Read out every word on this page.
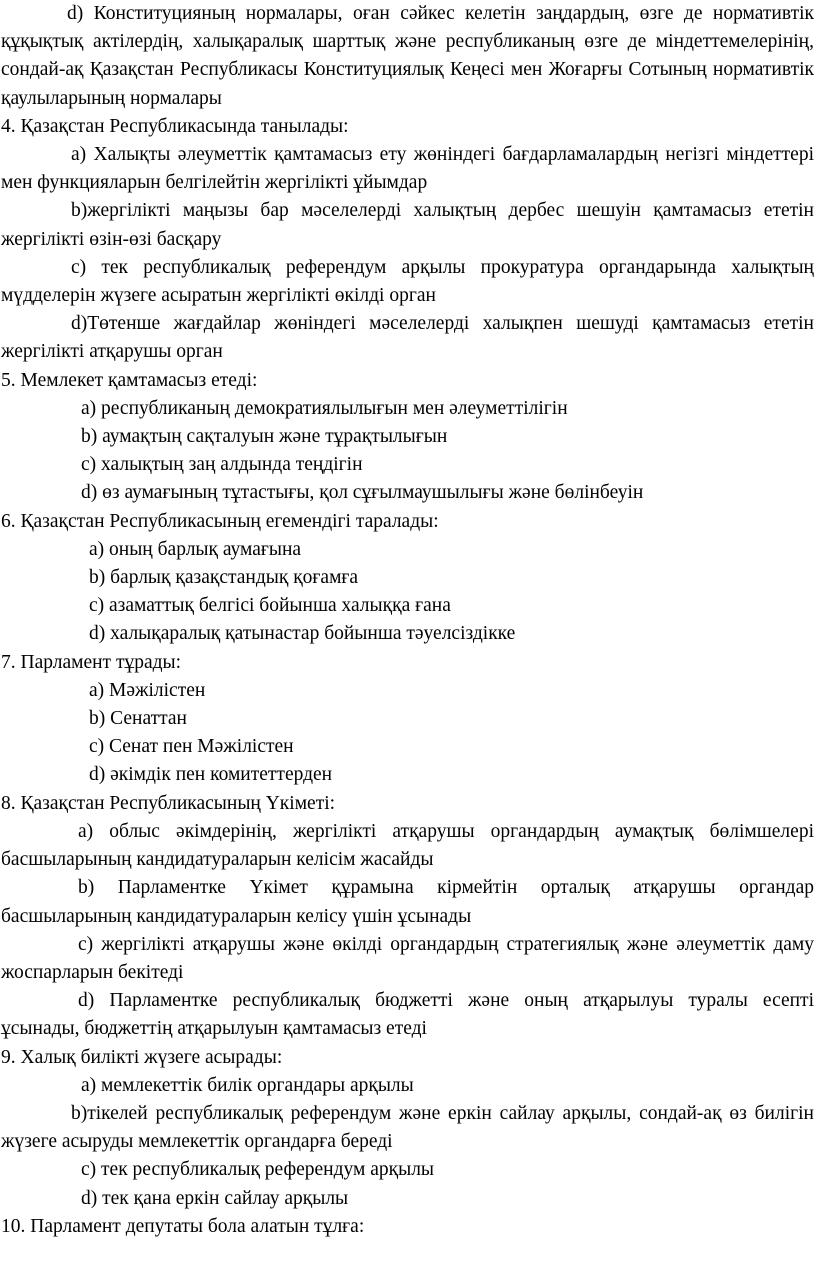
d) Конституцияның нормалары, оған сәйкес келетін заңдардың, өзге де нормативтік құқықтық актілердің, халықаралық шарттық және республиканың өзге де міндеттемелерінің, сондай-ақ Қазақстан Республикасы Конституциялық Кеңесі мен Жоғарғы Сотының нормативтік қаулыларының нормалары

4. Қазақстан Республикасында танылады:

a) Халықты әлеуметтік қамтамасыз ету жөніндегі бағдарламалардың негізгі міндеттері мен функцияларын белгілейтін жергілікті ұйымдар

b)жергілікті маңызы бар мәселелерді халықтың дербес шешуін қамтамасыз ететін жергілікті өзін-өзі басқару

c) тек республикалық референдум арқылы прокуратура органдарында халықтың мүдделерін жүзеге асыратын жергілікті өкілді орган

d)Төтенше жағдайлар жөніндегі мәселелерді халықпен шешуді қамтамасыз ететін жергілікті атқарушы орган

5. Мемлекет қамтамасыз етеді:

a) республиканың демократиялылығын мен әлеуметтілігін

b) аумақтың сақталуын және тұрақтылығын

c) халықтың заң алдында теңдігін

d) өз аумағының тұтастығы, қол сұғылмаушылығы және бөлінбеуін

6. Қазақстан Республикасының егемендігі таралады:

a) оның барлық аумағына

b) барлық қазақстандық қоғамға

c) азаматтық белгісі бойынша халыққа ғана

d) халықаралық қатынастар бойынша тәуелсіздікке

7. Парламент тұрады:

a) Мәжілістен

b) Сенаттан

c) Сенат пен Мәжілістен

d) әкімдік пен комитеттерден

8. Қазақстан Республикасының Үкіметі:

a) облыс әкімдерінің, жергілікті атқарушы органдардың аумақтық бөлімшелері басшыларының кандидатураларын келісім жасайды

b) Парламентке Үкімет құрамына кірмейтін орталық атқарушы органдар басшыларының кандидатураларын келісу үшін ұсынады

c) жергілікті атқарушы және өкілді органдардың стратегиялық және әлеуметтік даму жоспарларын бекітеді

d) Парламентке республикалық бюджетті және оның атқарылуы туралы есепті ұсынады, бюджеттің атқарылуын қамтамасыз етеді

9. Халық билікті жүзеге асырады:

a) мемлекеттік билік органдары арқылы

b)тікелей республикалық референдум және еркін сайлау арқылы, сондай-ақ өз билігін жүзеге асыруды мемлекеттік органдарға береді

c) тек республикалық референдум арқылы

d) тек қана еркін сайлау арқылы

10. Парламент депутаты бола алатын тұлға:
